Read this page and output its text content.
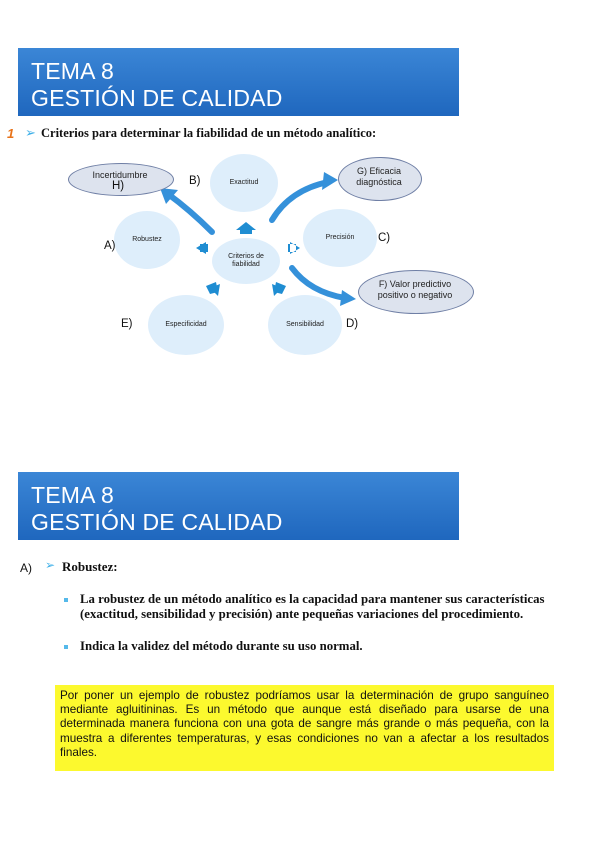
TEMA 8
GESTIÓN DE CALIDAD
1 ➢ Criterios para determinar la fiabilidad de un método analítico:
Exactitud
Robustez
Criterios de fiabilidad
Precisión
Especificidad	Sensibilidad
Incertidumbre	G) Eficacia diagnóstica
F) Valor predictivo positivo o negativo
H)	B)
A)
C)
E)	D)
TEMA 8
GESTIÓN DE CALIDAD
A) ➢ Robustez:
La robustez de un método analítico es la capacidad para mantener sus características (exactitud, sensibilidad y precisión) ante pequeñas variaciones del procedimiento.
Indica la validez del método durante su uso normal.
Por poner un ejemplo de robustez podríamos usar la determinación de grupo sanguíneo mediante agluitininas. Es un método que aunque está diseñado para usarse de una determinada manera funciona con una gota de sangre más grande o más pequeña, con la muestra a diferentes temperaturas, y esas condiciones no van a afectar a los resultados finales.
